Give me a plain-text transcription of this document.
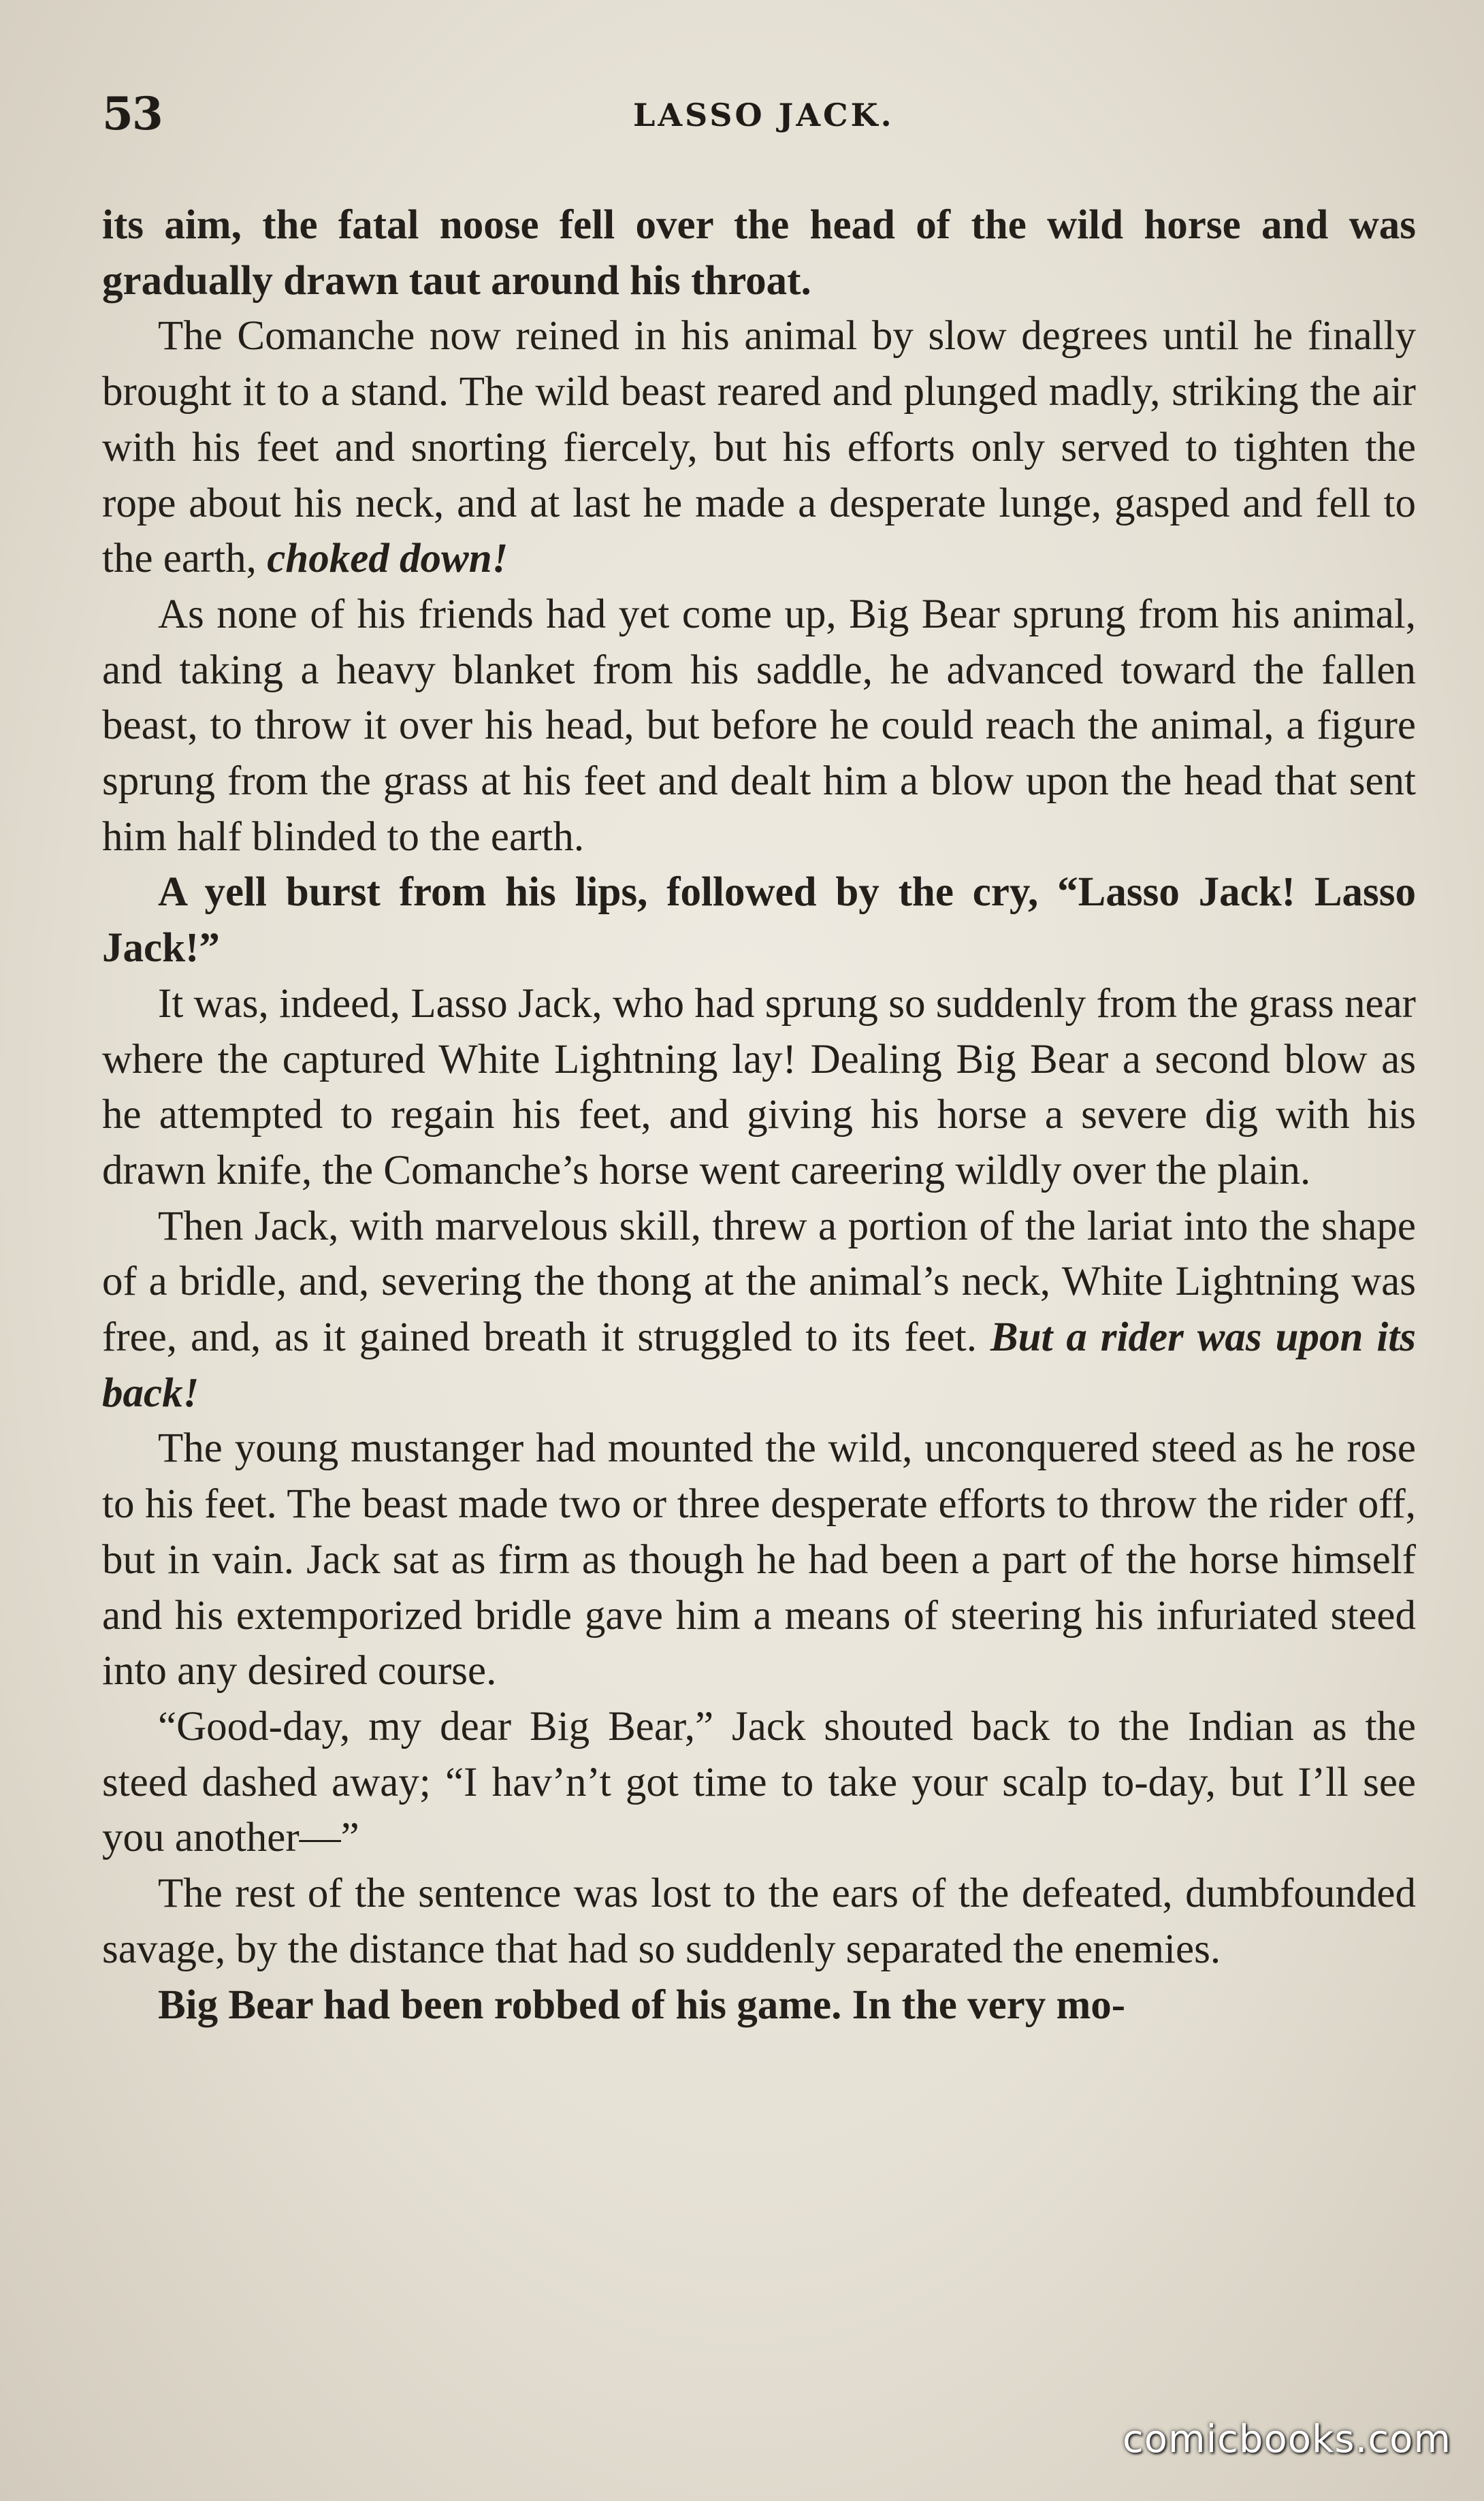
53	LASSO JACK.

its aim, the fatal noose fell over the head of the wild horse and was gradually drawn taut around his throat.

The Comanche now reined in his animal by slow degrees until he finally brought it to a stand. The wild beast reared and plunged madly, striking the air with his feet and snorting fiercely, but his efforts only served to tighten the rope about his neck, and at last he made a desperate lunge, gasped and fell to the earth, choked down!

As none of his friends had yet come up, Big Bear sprung from his animal, and taking a heavy blanket from his saddle, he advanced toward the fallen beast, to throw it over his head, but before he could reach the animal, a figure sprung from the grass at his feet and dealt him a blow upon the head that sent him half blinded to the earth.

A yell burst from his lips, followed by the cry, “Lasso Jack! Lasso Jack!”

It was, indeed, Lasso Jack, who had sprung so suddenly from the grass near where the captured White Lightning lay! Dealing Big Bear a second blow as he attempted to regain his feet, and giving his horse a severe dig with his drawn knife, the Comanche’s horse went careering wildly over the plain.

Then Jack, with marvelous skill, threw a portion of the lariat into the shape of a bridle, and, severing the thong at the animal’s neck, White Lightning was free, and, as it gained breath it struggled to its feet. But a rider was upon its back!

The young mustanger had mounted the wild, unconquered steed as he rose to his feet. The beast made two or three desperate efforts to throw the rider off, but in vain. Jack sat as firm as though he had been a part of the horse himself and his extemporized bridle gave him a means of steering his infuriated steed into any desired course.

“Good-day, my dear Big Bear,” Jack shouted back to the Indian as the steed dashed away; “I hav’n’t got time to take your scalp to-day, but I’ll see you another—”

The rest of the sentence was lost to the ears of the defeated, dumbfounded savage, by the distance that had so suddenly separated the enemies.

Big Bear had been robbed of his game. In the very mo-

comicbooks.com
